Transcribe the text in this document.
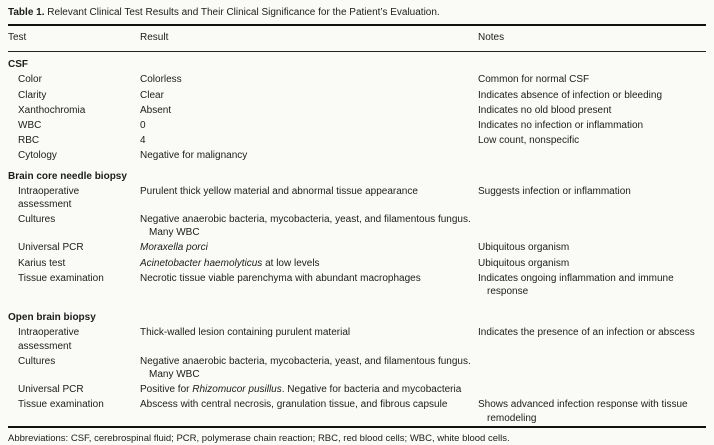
Table 1. Relevant Clinical Test Results and Their Clinical Significance for the Patient’s Evaluation.
Test	Result	Notes
CSF		
Color	Colorless	Common for normal CSF

Clarity	Clear	Indicates absence of infection or bleeding

Xanthochromia	Absent	Indicates no old blood present

WBC	0	Indicates no infection or inflammation

RBC	4	Low count, nonspecific

Cytology	Negative for malignancy	

Brain core needle biopsy		
Intraoperative assessment	Purulent thick yellow material and abnormal tissue appearance	Suggests infection or inflammation

Cultures	Negative anaerobic bacteria, mycobacteria, yeast, and filamentous fungus. Many WBC	

Universal PCR	Moraxella porci	Ubiquitous organism

Karius test	Acinetobacter haemolyticus at low levels	Ubiquitous organism

Tissue examination	Necrotic tissue viable parenchyma with abundant macrophages	Indicates ongoing inflammation and immune response

Open brain biopsy		
Intraoperative assessment	Thick-walled lesion containing purulent material	Indicates the presence of an infection or abscess

Cultures	Negative anaerobic bacteria, mycobacteria, yeast, and filamentous fungus. Many WBC	

Universal PCR	Positive for Rhizomucor pusillus. Negative for bacteria and mycobacteria	

Tissue examination	Abscess with central necrosis, granulation tissue, and fibrous capsule	Shows advanced infection response with tissue remodeling
Abbreviations: CSF, cerebrospinal fluid; PCR, polymerase chain reaction; RBC, red blood cells; WBC, white blood cells.
